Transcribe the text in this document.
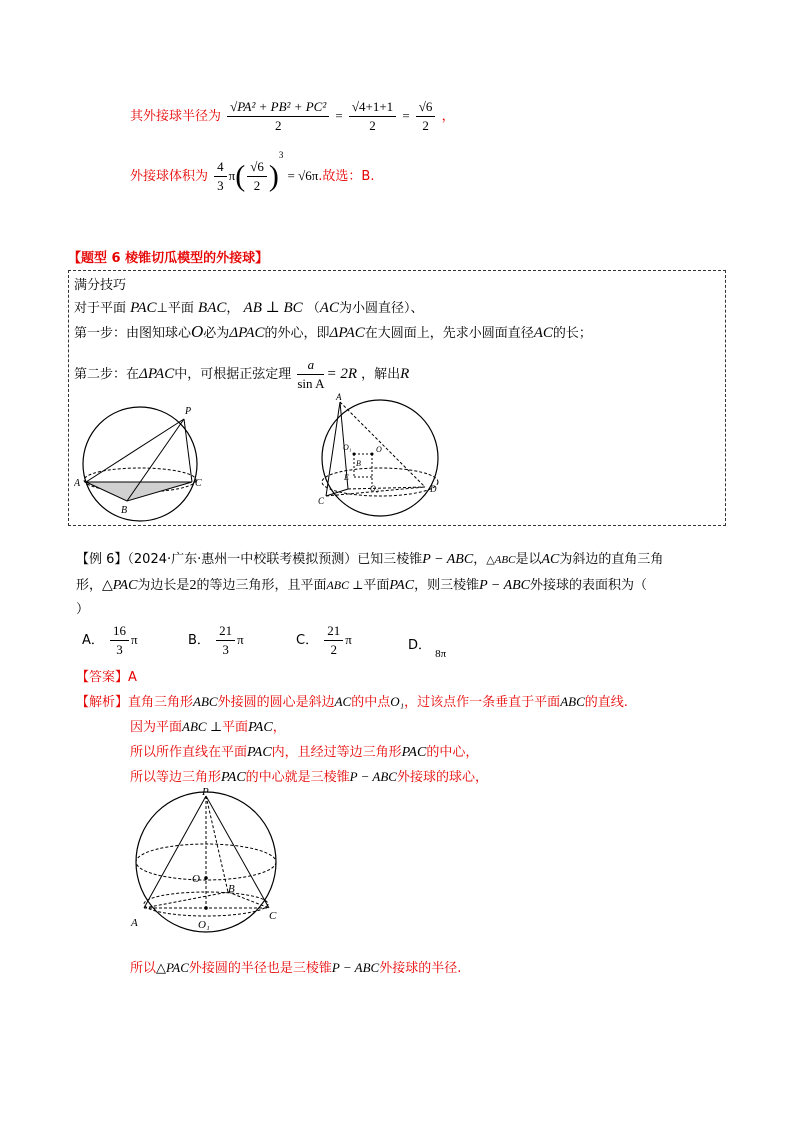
其外接球半径为 $\frac{\text{√PA² + PB² + PC²}}{2} = \frac{√4+1+1}{2} = \frac{√6}{2}$ ，
外接球体积为 $\frac{4}{3} \pi( \frac{√6}{2} )^3 = √6\pi$.故选：B.
【题型 6 棱锥切瓜模型的外接球】
满分技巧
对于平面 PAC⊥平面 BAC， AB ⊥ BC （AC为小圆直径）、
第一步：由图知球心O必为ΔPAC的外心，即ΔPAC在大圆面上，先求小圆面直径AC的长；
第二步：在ΔPAC中，可根据正弦定理 $\frac{a}{\text{sin A}} = 2R$ ，解出R
P
A	C
B
A
O₁	O
B
E
O₂
C
D
【例 6】（2024·广东·惠州一中校联考模拟预测）已知三棱锥P − ABC，△ABC是以AC为斜边的直角三角
形，△PAC为边长是2的等边三角形，且平面ABC ⊥平面PAC，则三棱锥P − ABC外接球的表面积为（
）
A． $\frac{16}{3}$ π	B． $\frac{21}{3}$ π	C． $\frac{21}{2}$ π	D． $_{8\pi}$
【答案】A
【解析】直角三角形ABC外接圆的圆心是斜边AC的中点O₁，过该点作一条垂直于平面ABC的直线.
因为平面ABC ⊥平面PAC，
所以所作直线在平面PAC内，且经过等边三角形PAC的中心，
所以等边三角形PAC的中心就是三棱锥P − ABC外接球的球心，
P
O
B
A	O₁
C
所以△PAC外接圆的半径也是三棱锥P − ABC外接球的半径.
